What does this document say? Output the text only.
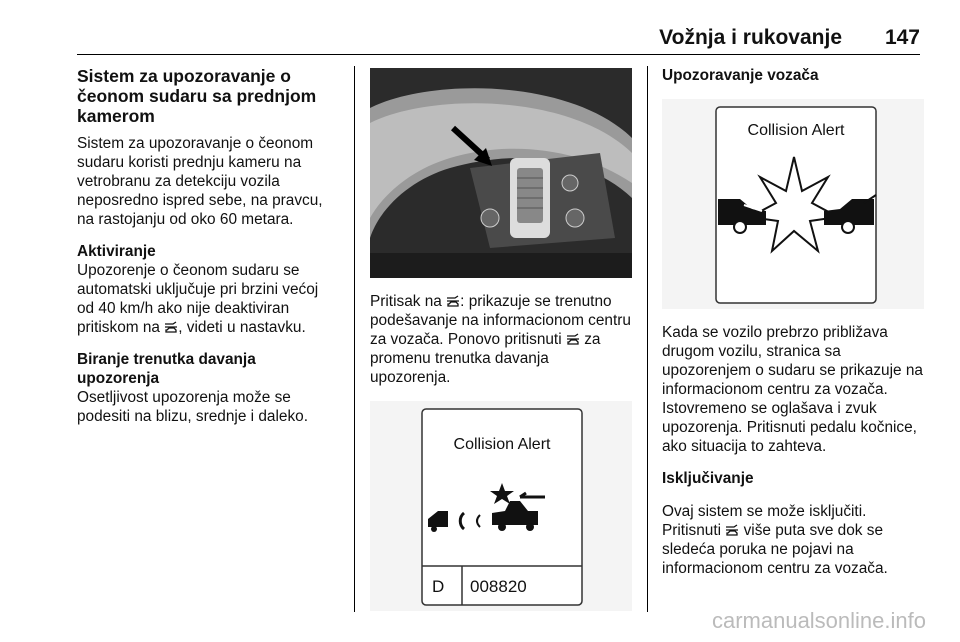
Vožnja i rukovanje 147
Sistem za upozoravanje o čeonom sudaru sa prednjom kamerom

Sistem za upozoravanje o čeonom sudaru koristi prednju kameru na vetrobranu za detekciju vozila neposredno ispred sebe, na pravcu, na rastojanju od oko 60 metara.

Aktiviranje

Upozorenje o čeonom sudaru se automatski uključuje pri brzini većoj od 40 km/h ako nije deaktiviran pritiskom na , videti u nastavku.

Biranje trenutka davanja upozorenja

Osetljivost upozorenja može se podesiti na blizu, srednje i daleko.

Pritisak na : prikazuje se trenutno podešavanje na informacionom centru za vozača. Ponovo pritisnuti za promenu trenutka davanja upozorenja.

Collision Alert
D 008820
Upozoravanje vozača
Collision Alert

Kada se vozilo prebrzo približava drugom vozilu, stranica sa upozorenjem o sudaru se prikazuje na informacionom centru za vozača. Istovremeno se oglašava i zvuk upozorenja. Pritisnuti pedalu kočnice, ako situacija to zahteva.

Isključivanje
Ovaj sistem se može isključiti.
Pritisnuti više puta sve dok se sledeća poruka ne pojavi na informacionom centru za vozača.
carmanualsonline.info
